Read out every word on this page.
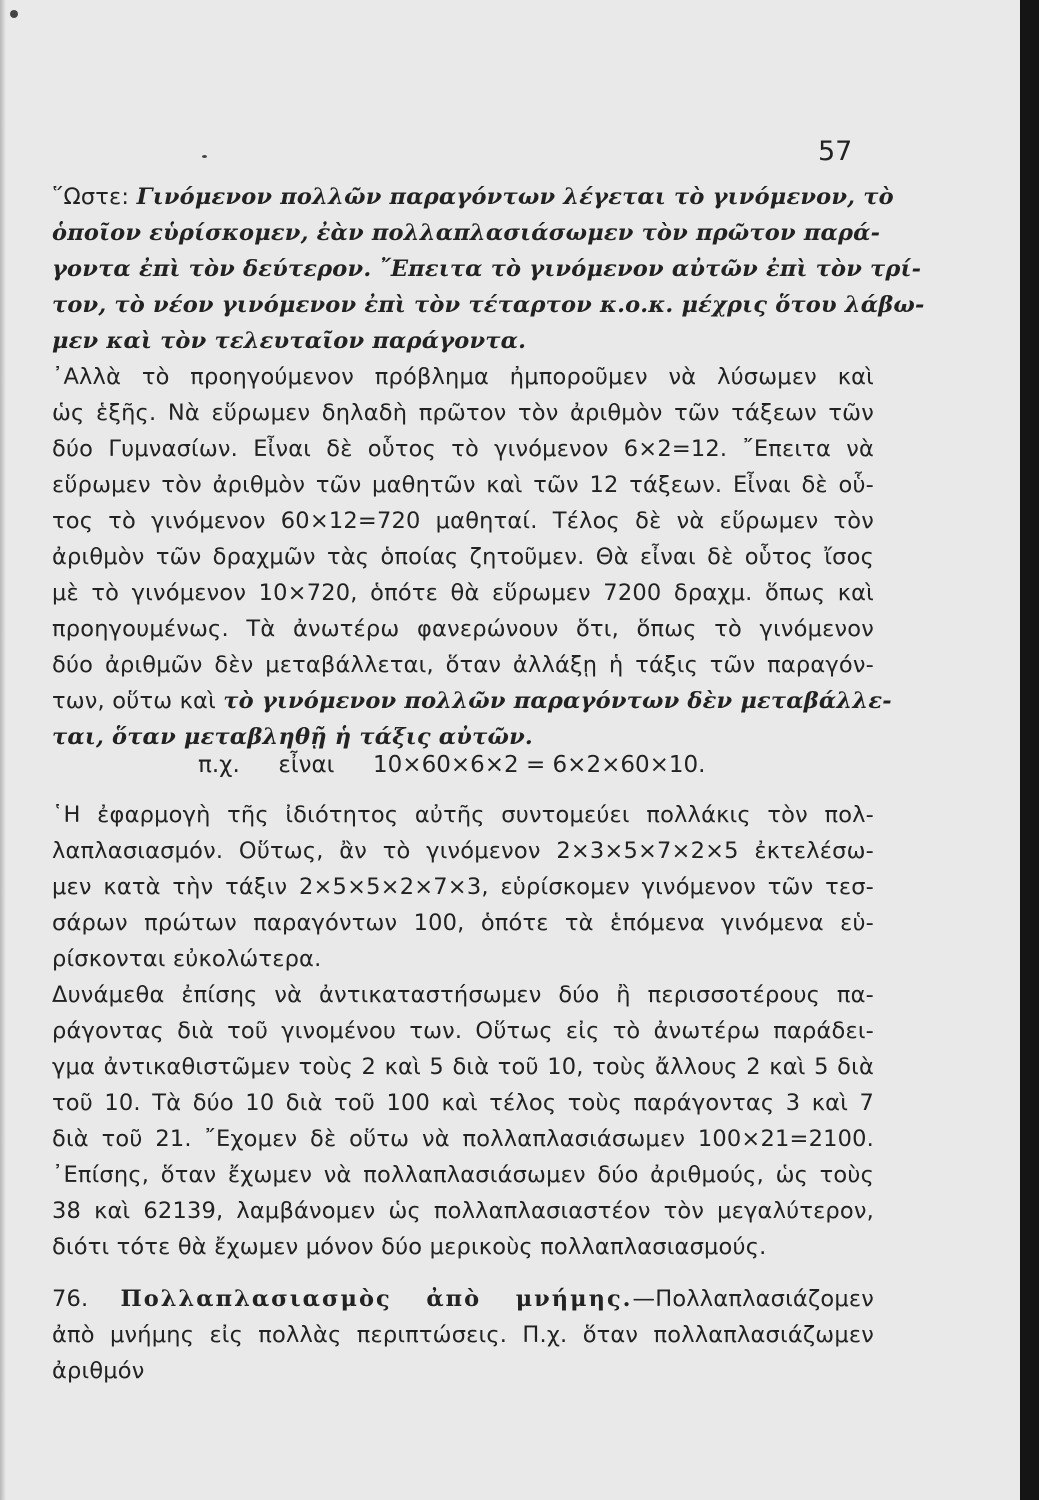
57
῞Ωστε: Γινόμενον πολλῶν παραγόντων λέγεται τὸ γινόμενον, τὸ
ὁποῖον εὑρίσκομεν, ἐὰν πολλαπλασιάσωμεν τὸν πρῶτον παρά-
γοντα ἐπὶ τὸν δεύτερον. ῎Επειτα τὸ γινόμενον αὐτῶν ἐπὶ τὸν τρί-
τον, τὸ νέον γινόμενον ἐπὶ τὸν τέταρτον κ.ο.κ. μέχρις ὅτου λάβω-
μεν καὶ τὸν τελευταῖον παράγοντα.
᾽Αλλὰ τὸ προηγούμενον πρόβλημα ἠμποροῦμεν νὰ λύσωμεν καὶ
ὡς ἑξῆς. Νὰ εὕρωμεν δηλαδὴ πρῶτον τὸν ἀριθμὸν τῶν τάξεων τῶν
δύο Γυμνασίων. Εἶναι δὲ οὗτος τὸ γινόμενον 6×2=12. ῎Επειτα νὰ
εὕρωμεν τὸν ἀριθμὸν τῶν μαθητῶν καὶ τῶν 12 τάξεων. Εἶναι δὲ οὗ-
τος τὸ γινόμενον 60×12=720 μαθηταί. Τέλος δὲ νὰ εὕρωμεν τὸν
ἀριθμὸν τῶν δραχμῶν τὰς ὁποίας ζητοῦμεν. Θὰ εἶναι δὲ οὗτος ἴσος
μὲ τὸ γινόμενον 10×720, ὁπότε θὰ εὕρωμεν 7200 δραχμ. ὅπως καὶ
προηγουμένως. Τὰ ἀνωτέρω φανερώνουν ὅτι, ὅπως τὸ γινόμενον
δύο ἀριθμῶν δὲν μεταβάλλεται, ὅταν ἀλλάξῃ ἡ τάξις τῶν παραγόν-
των, οὕτω καὶ τὸ γινόμενον πολλῶν παραγόντων δὲν μεταβάλλε-
ται, ὅταν μεταβληθῇ ἡ τάξις αὐτῶν.
π.χ. εἶναι 10×60×6×2 = 6×2×60×10.
῾Η ἐφαρμογὴ τῆς ἰδιότητος αὐτῆς συντομεύει πολλάκις τὸν πολ-
λαπλασιασμόν. Οὕτως, ἂν τὸ γινόμενον 2×3×5×7×2×5 ἐκτελέσω-
μεν κατὰ τὴν τάξιν 2×5×5×2×7×3, εὑρίσκομεν γινόμενον τῶν τεσ-
σάρων πρώτων παραγόντων 100, ὁπότε τὰ ἑπόμενα γινόμενα εὑ-
ρίσκονται εὐκολώτερα.
Δυνάμεθα ἐπίσης νὰ ἀντικαταστήσωμεν δύο ἢ περισσοτέρους πα-
ράγοντας διὰ τοῦ γινομένου των. Οὕτως εἰς τὸ ἀνωτέρω παράδει-
γμα ἀντικαθιστῶμεν τοὺς 2 καὶ 5 διὰ τοῦ 10, τοὺς ἄλλους 2 καὶ 5 διὰ
τοῦ 10. Τὰ δύο 10 διὰ τοῦ 100 καὶ τέλος τοὺς παράγοντας 3 καὶ 7
διὰ τοῦ 21. ῎Εχομεν δὲ οὕτω νὰ πολλαπλασιάσωμεν 100×21=2100.
᾽Επίσης, ὅταν ἔχωμεν νὰ πολλαπλασιάσωμεν δύο ἀριθμούς, ὡς τοὺς
38 καὶ 62139, λαμβάνομεν ὡς πολλαπλασιαστέον τὸν μεγαλύτερον,
διότι τότε θὰ ἔχωμεν μόνον δύο μερικοὺς πολλαπλασιασμούς.
76. Πολλαπλασιασμὸς ἀπὸ μνήμης.—Πολλαπλασιάζομεν
ἀπὸ μνήμης εἰς πολλὰς περιπτώσεις. Π.χ. ὅταν πολλαπλασιάζωμεν
ἀριθμόν
